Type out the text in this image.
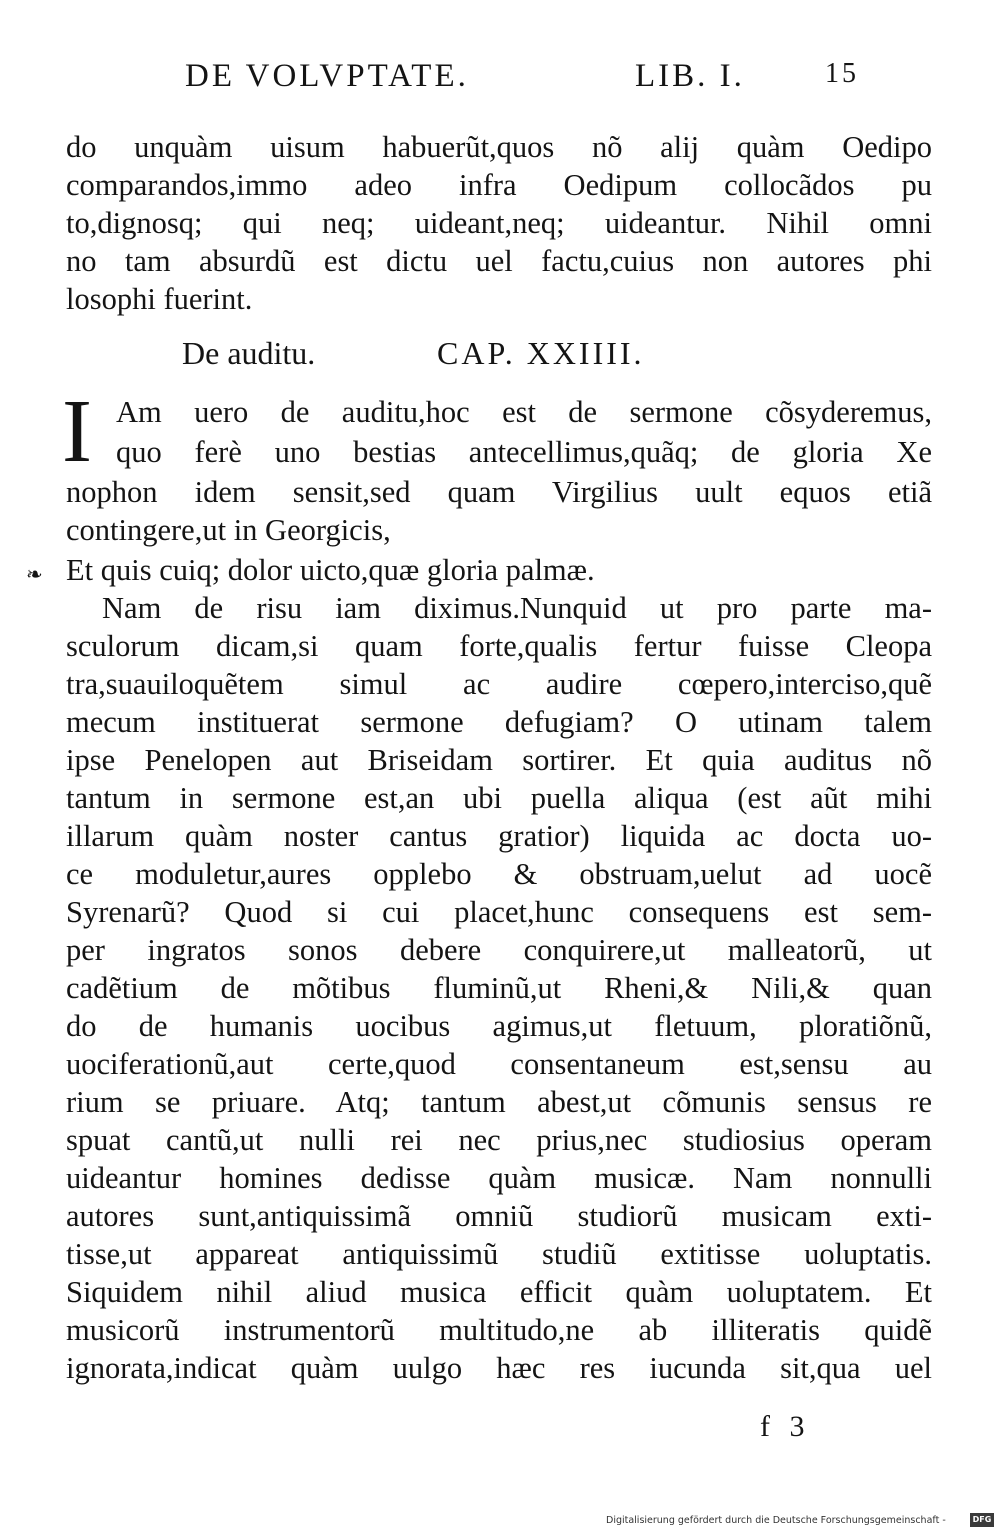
DE VOLVPTATE.	LIB. I.	15
do unquàm uisum habuerũt,quos nõ alij quàm Oedipo
comparandos,immo adeo infra Oedipum collocãdos pu
to,dignosq; qui neq; uideant,neq; uideantur. Nihil omni
no tam absurdũ est dictu uel factu,cuius non autores phi
losophi fuerint.
De auditu.	CAP. XXIIII.
I Am uero de auditu,hoc est de sermone cõsyderemus,
quo ferè uno bestias antecellimus,quãq; de gloria Xe
nophon idem sensit,sed quam Virgilius uult equos etiã
contingere,ut in Georgicis,
Et quis cuiq; dolor uicto,quæ gloria palmæ.
❧
Nam de risu iam diximus.Nunquid ut pro parte ma-
sculorum dicam,si quam forte,qualis fertur fuisse Cleopa
tra,suauiloquẽtem simul ac audire cœpero,interciso,quẽ
mecum instituerat sermone defugiam? O utinam talem
ipse Penelopen aut Briseidam sortirer. Et quia auditus nõ
tantum in sermone est,an ubi puella aliqua (est aũt mihi
illarum quàm noster cantus gratior) liquida ac docta uo-
ce moduletur,aures opplebo & obstruam,uelut ad uocẽ
Syrenarũ? Quod si cui placet,hunc consequens est sem-
per ingratos sonos debere conquirere,ut malleatorũ, ut
cadẽtium de mõtibus fluminũ,ut Rheni,& Nili,& quan
do de humanis uocibus agimus,ut fletuum, ploratiõnũ,
uociferationũ,aut certe,quod consentaneum est,sensu au
rium se priuare. Atq; tantum abest,ut cõmunis sensus re
spuat cantũ,ut nulli rei nec prius,nec studiosius operam
uideantur homines dedisse quàm musicæ. Nam nonnulli
autores sunt,antiquissimã omniũ studiorũ musicam exti-
tisse,ut appareat antiquissimũ studiũ extitisse uoluptatis.
Siquidem nihil aliud musica efficit quàm uoluptatem. Et
musicorũ instrumentorũ multitudo,ne ab illiteratis quidẽ
ignorata,indicat quàm uulgo hæc res iucunda sit,qua uel
f 3
Digitalisierung gefördert durch die Deutsche Forschungsgemeinschaft -	DFG
